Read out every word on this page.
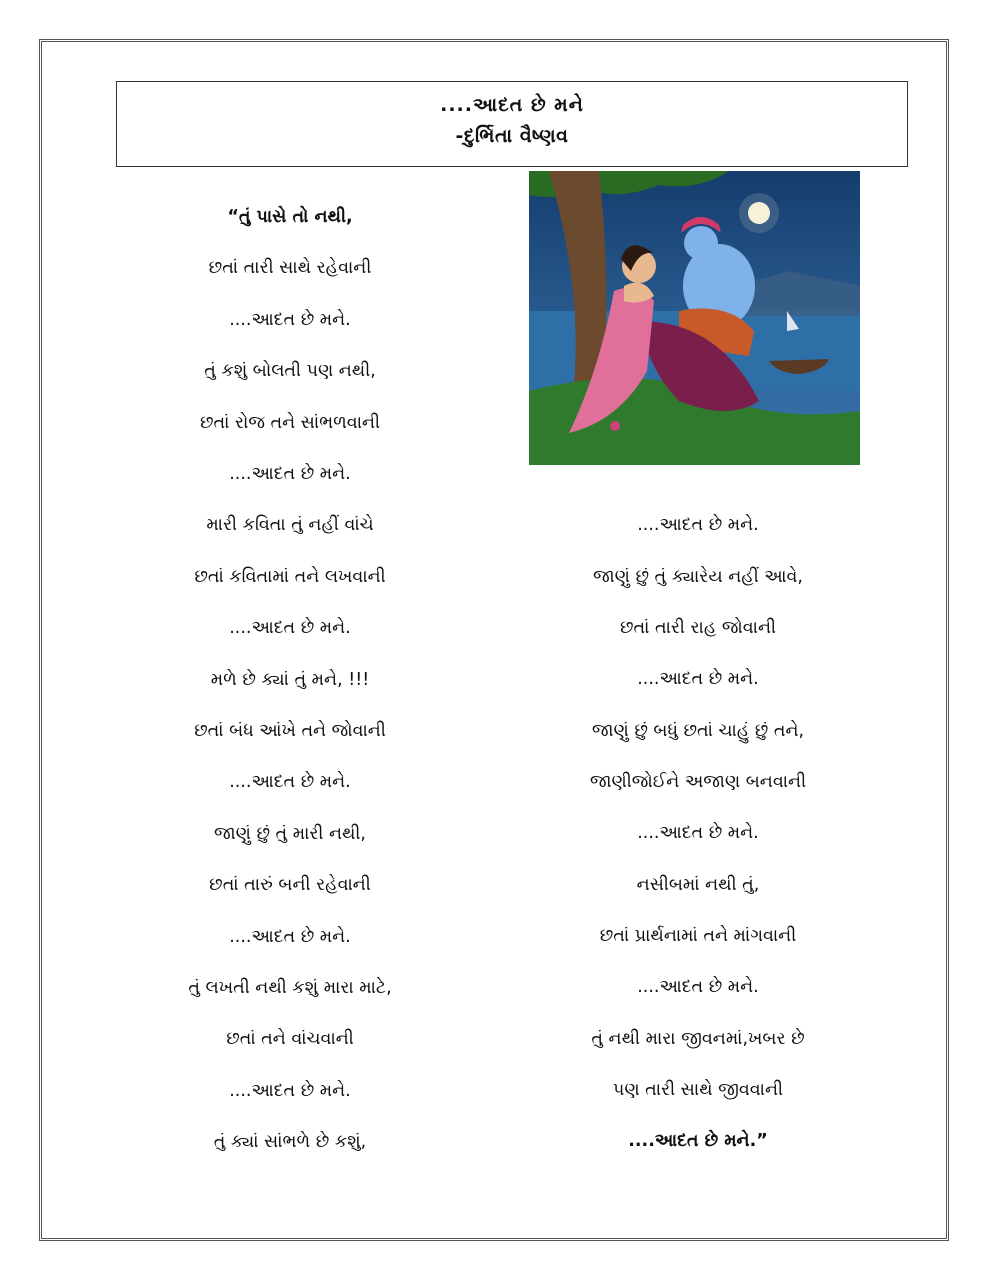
....આદત છે મને
-દુર્ભિતા વૈષ્ણવ
“તું પાસે તો નથી,
છતાં તારી સાથે રહેવાની
....આદત છે મને.
તું કશું બોલતી પણ નથી,
છતાં રોજ તને સાંભળવાની
....આદત છે મને.
મારી કવિતા તું નહીં વાંચે
છતાં કવિતામાં તને લખવાની
....આદત છે મને.
મળે છે ક્યાં તું મને, !!!
છતાં બંધ આંખે તને જોવાની
....આદત છે મને.
જાણું છું તું મારી નથી,
છતાં તારું બની રહેવાની
....આદત છે મને.
તું લખતી નથી કશું મારા માટે,
છતાં તને વાંચવાની
....આદત છે મને.
તું ક્યાં સાંભળે છે કશું,
....આદત છે મને.
જાણું છું તું ક્યારેય નહીં આવે,
છતાં તારી રાહ જોવાની
....આદત છે મને.
જાણું છું બધું છતાં ચાહું છું તને,
જાણીજોઈને અજાણ બનવાની
....આદત છે મને.
નસીબમાં નથી તું,
છતાં પ્રાર્થનામાં તને માંગવાની
....આદત છે મને.
તું નથી મારા જીવનમાં,ખબર છે
પણ તારી સાથે જીવવાની
....આદત છે મને.”
